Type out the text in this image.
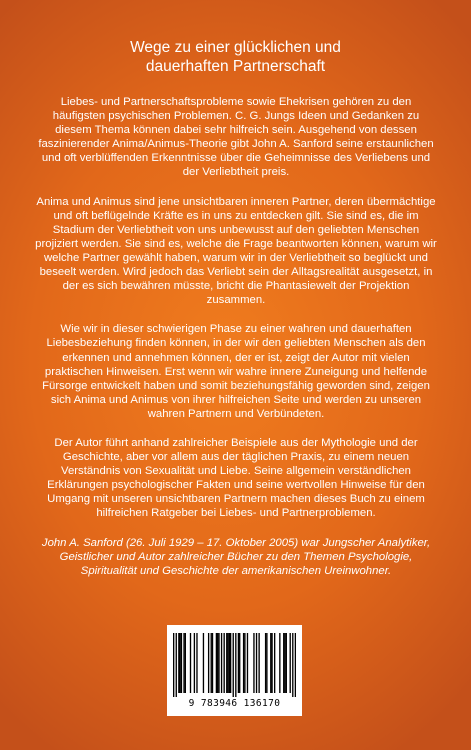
Wege zu einer glücklichen und
dauerhaften Partnerschaft

Liebes- und Partnerschaftsprobleme sowie Ehekrisen gehören zu den häufigsten psychischen Problemen. C. G. Jungs Ideen und Gedanken zu diesem Thema können dabei sehr hilfreich sein. Ausgehend von dessen faszinierender Anima/Animus-Theorie gibt John A. Sanford seine erstaunlichen und oft verblüffenden Erkenntnisse über die Geheimnisse des Verliebens und der Verliebtheit preis.

Anima und Animus sind jene unsichtbaren inneren Partner, deren übermächtige und oft beflügelnde Kräfte es in uns zu entdecken gilt. Sie sind es, die im Stadium der Verliebtheit von uns unbewusst auf den geliebten Menschen projiziert werden. Sie sind es, welche die Frage beantworten können, warum wir welche Partner gewählt haben, warum wir in der Verliebtheit so beglückt und beseelt werden. Wird jedoch das Verliebt sein der Alltagsrealität ausgesetzt, in der es sich bewähren müsste, bricht die Phantasiewelt der Projektion zusammen.

Wie wir in dieser schwierigen Phase zu einer wahren und dauerhaften Liebesbeziehung finden können, in der wir den geliebten Menschen als den erkennen und annehmen können, der er ist, zeigt der Autor mit vielen praktischen Hinweisen. Erst wenn wir wahre innere Zuneigung und helfende Fürsorge entwickelt haben und somit beziehungsfähig geworden sind, zeigen sich Anima und Animus von ihrer hilfreichen Seite und werden zu unseren wahren Partnern und Verbündeten.

Der Autor führt anhand zahlreicher Beispiele aus der Mythologie und der Geschichte, aber vor allem aus der täglichen Praxis, zu einem neuen Verständnis von Sexualität und Liebe. Seine allgemein verständlichen Erklärungen psychologischer Fakten und seine wertvollen Hinweise für den Umgang mit unseren unsichtbaren Partnern machen dieses Buch zu einem hilfreichen Ratgeber bei Liebes- und Partnerproblemen.

John A. Sanford (26. Juli 1929 – 17. Oktober 2005) war Jungscher Analytiker, Geistlicher und Autor zahlreicher Bücher zu den Themen Psychologie, Spiritualität und Geschichte der amerikanischen Ureinwohner.

9 783946 136170
